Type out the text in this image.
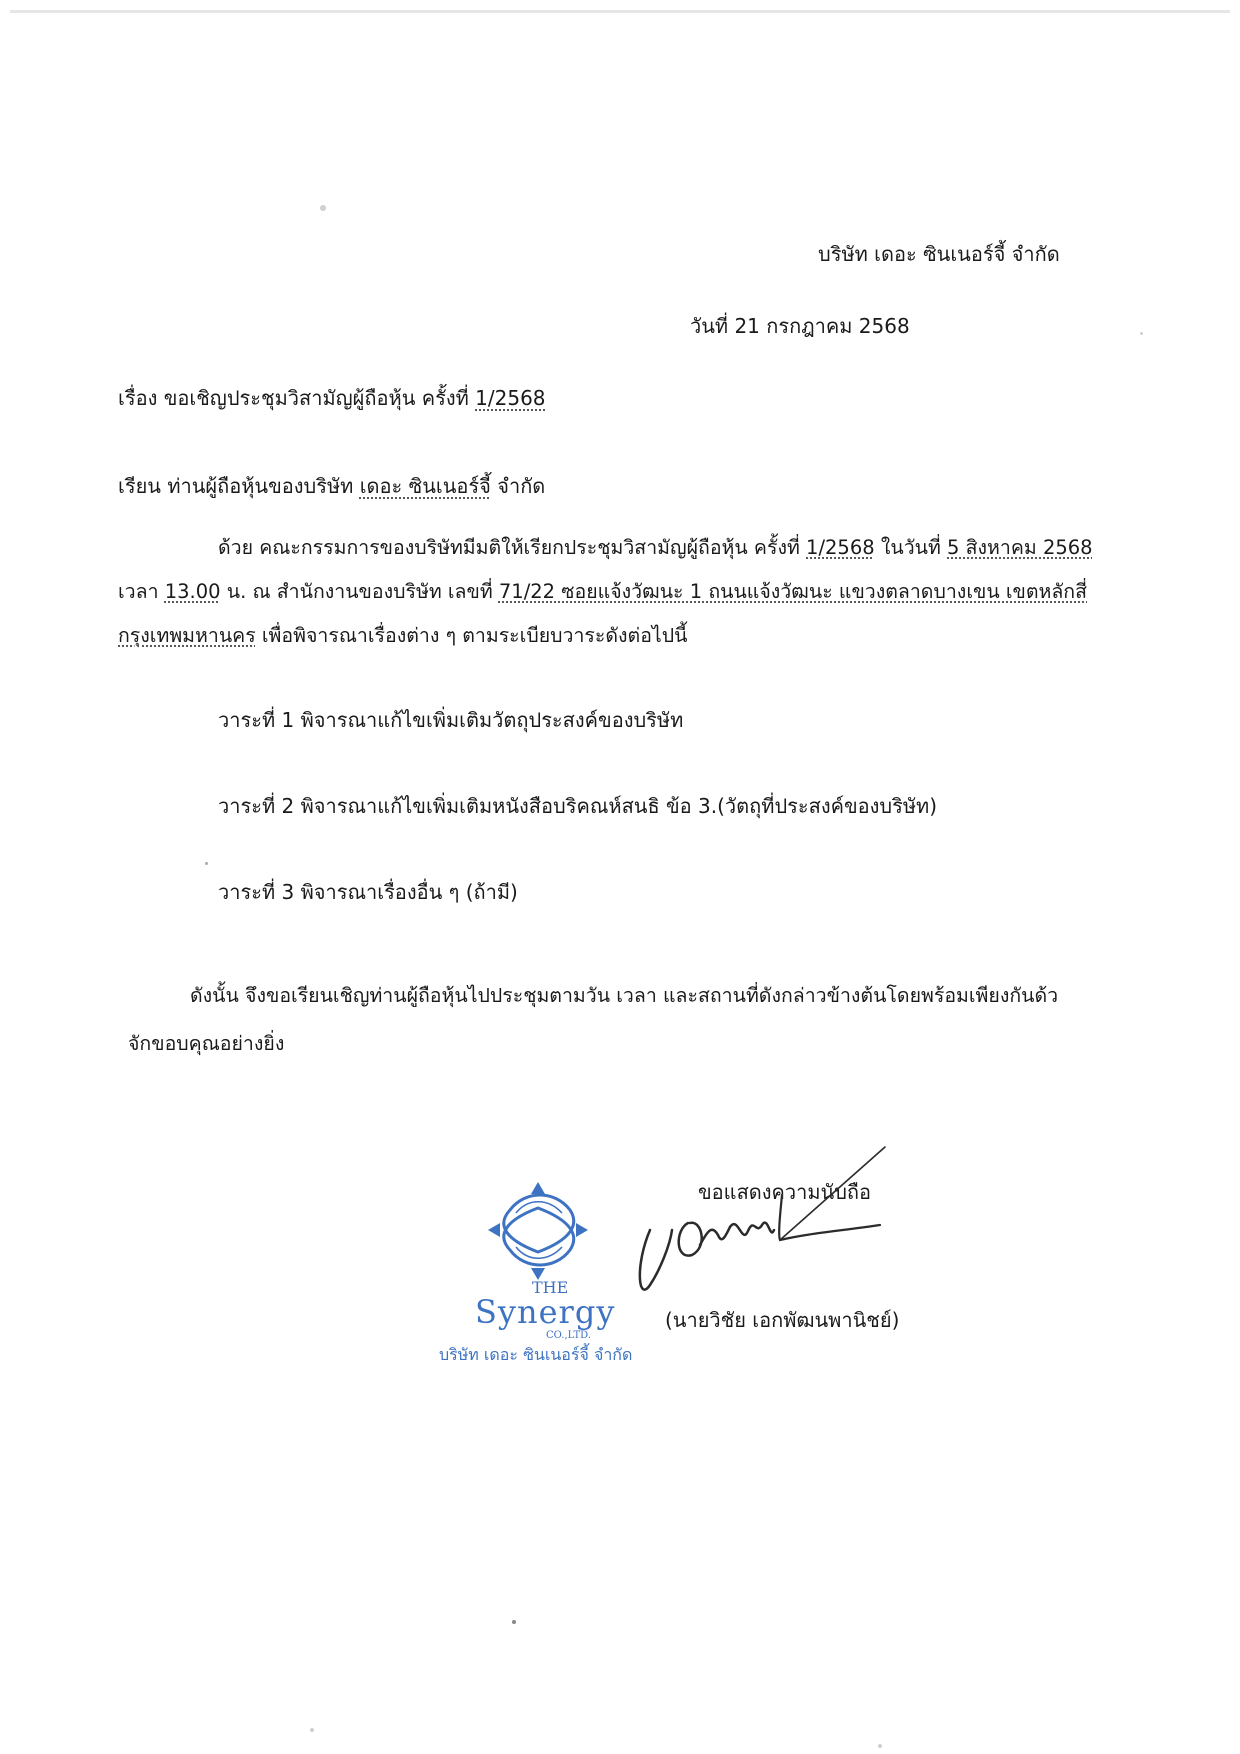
บริษัท เดอะ ซินเนอร์จี้ จำกัด
วันที่ 21 กรกฎาคม 2568
เรื่อง ขอเชิญประชุมวิสามัญผู้ถือหุ้น ครั้งที่ 1/2568
เรียน ท่านผู้ถือหุ้นของบริษัท เดอะ ซินเนอร์จี้ จำกัด
ด้วย คณะกรรมการของบริษัทมีมติให้เรียกประชุมวิสามัญผู้ถือหุ้น ครั้งที่ 1/2568 ในวันที่ 5 สิงหาคม 2568
เวลา 13.00 น. ณ สำนักงานของบริษัท เลขที่ 71/22 ซอยแจ้งวัฒนะ 1 ถนนแจ้งวัฒนะ แขวงตลาดบางเขน เขตหลักสี่
กรุงเทพมหานคร เพื่อพิจารณาเรื่องต่าง ๆ ตามระเบียบวาระดังต่อไปนี้
วาระที่ 1 พิจารณาแก้ไขเพิ่มเติมวัตถุประสงค์ของบริษัท
วาระที่ 2 พิจารณาแก้ไขเพิ่มเติมหนังสือบริคณห์สนธิ ข้อ 3.(วัตถุที่ประสงค์ของบริษัท)
วาระที่ 3 พิจารณาเรื่องอื่น ๆ (ถ้ามี)
ดังนั้น จึงขอเรียนเชิญท่านผู้ถือหุ้นไปประชุมตามวัน เวลา และสถานที่ดังกล่าวข้างต้นโดยพร้อมเพียงกันด้ว
จักขอบคุณอย่างยิ่ง
ขอแสดงความนับถือ
(นายวิชัย เอกพัฒนพานิชย์)
THE
Synergy
CO.,LTD.
บริษัท เดอะ ซินเนอร์จี้ จำกัด
